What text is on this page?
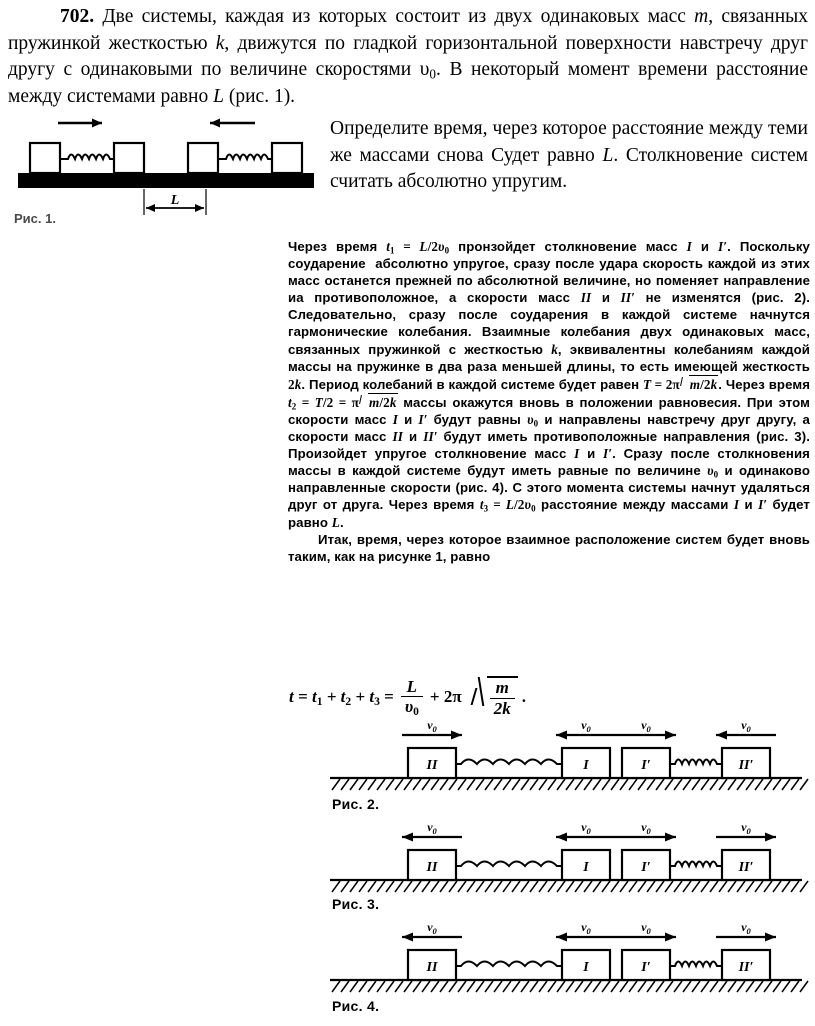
702. Две системы, каждая из которых состоит из двух одинаковых масс m, связанных пружинкой жесткостью k, движутся по гладкой горизонтальной поверхности навстречу друг другу с одинаковыми по величине скоростями $\upsilon_0$. В некоторый момент времени расстояние между системами равно L (рис. 1).
Определите время, через которое расстояние между теми же массами снова Судет равно L. Столкновение систем считать абсолютно упругим.
L
Рис. 1.

Через время $t_1 = L/2\upsilon_0$ пронзойдет столкновение масс I и I′. Поскольку соударение  абсолютно упругое, сразу после удара скорость каждой из этих масс останется прежней по абсолютной величине, но поменяет направление иа противоположное, а скорости масс II и II′ не изменятся (рис. 2). Следовательно, сразу после соударения в каждой системе начнутся гармонические колебания. Взаимные колебания двух одинаковых масс, связанных пружинкой с жесткостью k, эквивалентны колебаниям каждой массы на пружинке в два раза меньшей длины, то есть имеющей жесткость 2k. Период колебаний в каждой системе будет равен T = 2π m/2k. Через время $t_2 = T/2 = \pi$ m/2k массы окажутся вновь в положении равновесия. При этом скорости масс I и I′ будут равны $\upsilon_0$ и направлены навстречу друг другу, а скорости масс II и II′ будут иметь противоположные направления (рис. 3). Произойдет упругое столкновение масс I и I′. Сразу после столкновения массы в каждой системе будут иметь равные по величине $\upsilon_0$ и одинаково направленные скорости (рис. 4). С этого момента системы начнут удаляться друг от друга. Через время $t_3 = L/2\upsilon_0$ расстояние между массами I и I′ будет равно L.

Итак, время, через которое взаимное расположение систем будет вновь таким, как на рисунке 1, равно

$t = t_1 + t_2 + t_3 = \frac{L}{\upsilon_0} + 2\pi \frac{m}{2k}$ .
II
$v_0$
I
$v_0$
I′
$v_0$
II′
$v_0$
Рис. 2.
II
$v_0$
I
$v_0$
I′
$v_0$
II′
$v_0$
Рис. 3.
II
$v_0$
I
$v_0$
I′
$v_0$
II′
$v_0$
Рис. 4.
